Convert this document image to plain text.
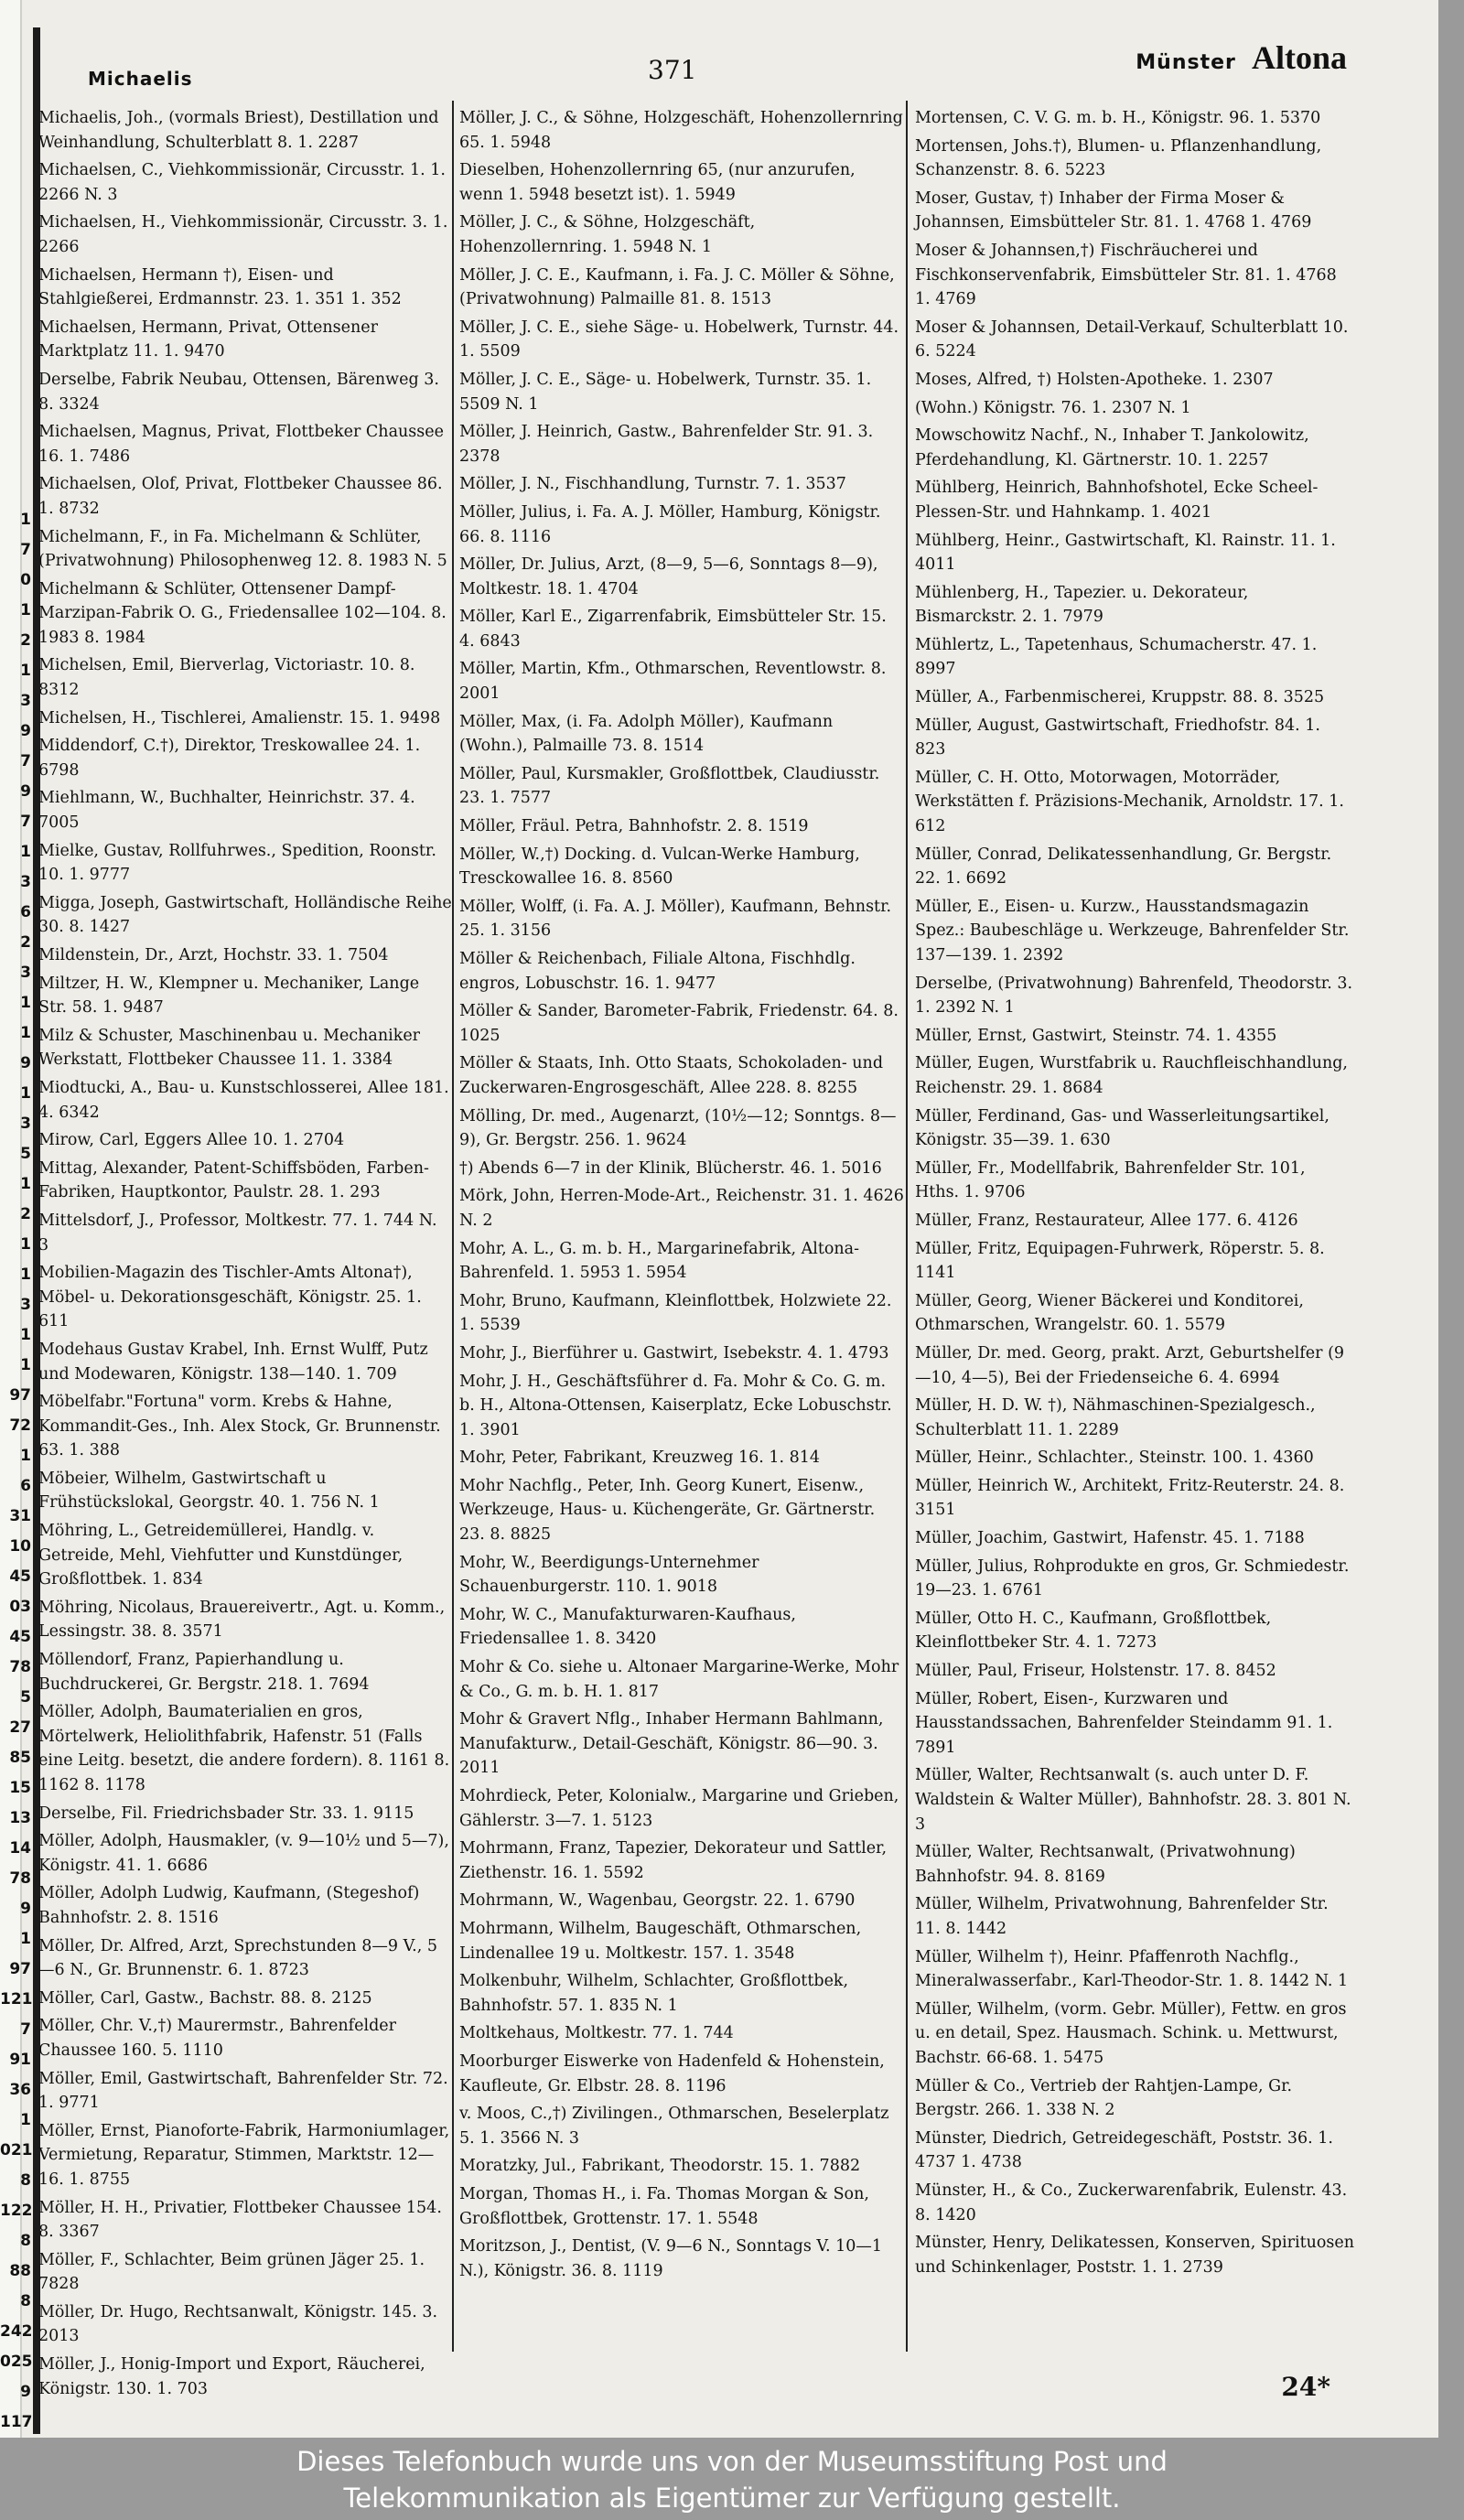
1
7
0
1
2
1
3
9
7
9
7
1
3
6
2
3
1
1
9
1
3
5
1
2
1
1
3
1
1
97
72
1
6
31
10
45
03
45
78
5
27
85
15
13
14
78
9
1
97
121
7
91
36
1
021
8
122
8
88
8
242
025
9
117
Michaelis	371	Münster Altona
Michaelis, Joh., (vormals Briest), Destillation und Weinhandlung, Schulterblatt 8. 1. 2287
Michaelsen, C., Viehkommissionär, Circusstr. 1. 1. 2266 N. 3
Michaelsen, H., Viehkommissionär, Circusstr. 3. 1. 2266
Michaelsen, Hermann †), Eisen- und Stahlgießerei, Erdmannstr. 23. 1. 351 1. 352
Michaelsen, Hermann, Privat, Ottensener Marktplatz 11. 1. 9470
Derselbe, Fabrik Neubau, Ottensen, Bärenweg 3. 8. 3324
Michaelsen, Magnus, Privat, Flottbeker Chaussee 16. 1. 7486
Michaelsen, Olof, Privat, Flottbeker Chaussee 86. 1. 8732
Michelmann, F., in Fa. Michelmann & Schlüter, (Privatwohnung) Philosophenweg 12. 8. 1983 N. 5
Michelmann & Schlüter, Ottensener Dampf-Marzipan-Fabrik O. G., Friedensallee 102—104. 8. 1983 8. 1984
Michelsen, Emil, Bierverlag, Victoriastr. 10. 8. 8312
Michelsen, H., Tischlerei, Amalienstr. 15. 1. 9498
Middendorf, C.†), Direktor, Treskowallee 24. 1. 6798
Miehlmann, W., Buchhalter, Heinrichstr. 37. 4. 7005
Mielke, Gustav, Rollfuhrwes., Spedition, Roonstr. 10. 1. 9777
Migga, Joseph, Gastwirtschaft, Holländische Reihe 30. 8. 1427
Mildenstein, Dr., Arzt, Hochstr. 33. 1. 7504
Miltzer, H. W., Klempner u. Mechaniker, Lange Str. 58. 1. 9487
Milz & Schuster, Maschinenbau u. Mechaniker Werkstatt, Flottbeker Chaussee 11. 1. 3384
Miodtucki, A., Bau- u. Kunstschlosserei, Allee 181. 4. 6342
Mirow, Carl, Eggers Allee 10. 1. 2704
Mittag, Alexander, Patent-Schiffsböden, Farben-Fabriken, Hauptkontor, Paulstr. 28. 1. 293
Mittelsdorf, J., Professor, Moltkestr. 77. 1. 744 N. 3
Mobilien-Magazin des Tischler-Amts Altona†), Möbel- u. Dekorationsgeschäft, Königstr. 25. 1. 611
Modehaus Gustav Krabel, Inh. Ernst Wulff, Putz und Modewaren, Königstr. 138—140. 1. 709
Möbelfabr."Fortuna" vorm. Krebs & Hahne, Kommandit-Ges., Inh. Alex Stock, Gr. Brunnenstr. 63. 1. 388
Möbeier, Wilhelm, Gastwirtschaft u Frühstückslokal, Georgstr. 40. 1. 756 N. 1
Möhring, L., Getreidemüllerei, Handlg. v. Getreide, Mehl, Viehfutter und Kunstdünger, Großflottbek. 1. 834
Möhring, Nicolaus, Brauereivertr., Agt. u. Komm., Lessingstr. 38. 8. 3571
Möllendorf, Franz, Papierhandlung u. Buchdruckerei, Gr. Bergstr. 218. 1. 7694
Möller, Adolph, Baumaterialien en gros, Mörtelwerk, Heliolithfabrik, Hafenstr. 51 (Falls eine Leitg. besetzt, die andere fordern). 8. 1161 8. 1162 8. 1178
Derselbe, Fil. Friedrichsbader Str. 33. 1. 9115
Möller, Adolph, Hausmakler, (v. 9—10½ und 5—7), Königstr. 41. 1. 6686
Möller, Adolph Ludwig, Kaufmann, (Stegeshof) Bahnhofstr. 2. 8. 1516
Möller, Dr. Alfred, Arzt, Sprechstunden 8—9 V., 5—6 N., Gr. Brunnenstr. 6. 1. 8723
Möller, Carl, Gastw., Bachstr. 88. 8. 2125
Möller, Chr. V.,†) Maurermstr., Bahrenfelder Chaussee 160. 5. 1110
Möller, Emil, Gastwirtschaft, Bahrenfelder Str. 72. 1. 9771
Möller, Ernst, Pianoforte-Fabrik, Harmoniumlager, Vermietung, Reparatur, Stimmen, Marktstr. 12—16. 1. 8755
Möller, H. H., Privatier, Flottbeker Chaussee 154. 8. 3367
Möller, F., Schlachter, Beim grünen Jäger 25. 1. 7828
Möller, Dr. Hugo, Rechtsanwalt, Königstr. 145. 3. 2013
Möller, J., Honig-Import und Export, Räucherei, Königstr. 130. 1. 703
Möller, J. C., & Söhne, Holzgeschäft, Hohenzollernring 65. 1. 5948
Dieselben, Hohenzollernring 65, (nur anzurufen, wenn 1. 5948 besetzt ist). 1. 5949
Möller, J. C., & Söhne, Holzgeschäft, Hohenzollernring. 1. 5948 N. 1
Möller, J. C. E., Kaufmann, i. Fa. J. C. Möller & Söhne, (Privatwohnung) Palmaille 81. 8. 1513
Möller, J. C. E., siehe Säge- u. Hobelwerk, Turnstr. 44. 1. 5509
Möller, J. C. E., Säge- u. Hobelwerk, Turnstr. 35. 1. 5509 N. 1
Möller, J. Heinrich, Gastw., Bahrenfelder Str. 91. 3. 2378
Möller, J. N., Fischhandlung, Turnstr. 7. 1. 3537
Möller, Julius, i. Fa. A. J. Möller, Hamburg, Königstr. 66. 8. 1116
Möller, Dr. Julius, Arzt, (8—9, 5—6, Sonntags 8—9), Moltkestr. 18. 1. 4704
Möller, Karl E., Zigarrenfabrik, Eimsbütteler Str. 15. 4. 6843
Möller, Martin, Kfm., Othmarschen, Reventlowstr. 8. 2001
Möller, Max, (i. Fa. Adolph Möller), Kaufmann (Wohn.), Palmaille 73. 8. 1514
Möller, Paul, Kursmakler, Großflottbek, Claudiusstr. 23. 1. 7577
Möller, Fräul. Petra, Bahnhofstr. 2. 8. 1519
Möller, W.,†) Docking. d. Vulcan-Werke Hamburg, Tresckowallee 16. 8. 8560
Möller, Wolff, (i. Fa. A. J. Möller), Kaufmann, Behnstr. 25. 1. 3156
Möller & Reichenbach, Filiale Altona, Fischhdlg. engros, Lobuschstr. 16. 1. 9477
Möller & Sander, Barometer-Fabrik, Friedenstr. 64. 8. 1025
Möller & Staats, Inh. Otto Staats, Schokoladen- und Zuckerwaren-Engrosgeschäft, Allee 228. 8. 8255
Mölling, Dr. med., Augenarzt, (10½—12; Sonntgs. 8—9), Gr. Bergstr. 256. 1. 9624
†) Abends 6—7 in der Klinik, Blücherstr. 46. 1. 5016
Mörk, John, Herren-Mode-Art., Reichenstr. 31. 1. 4626 N. 2
Mohr, A. L., G. m. b. H., Margarinefabrik, Altona-Bahrenfeld. 1. 5953 1. 5954
Mohr, Bruno, Kaufmann, Kleinflottbek, Holzwiete 22. 1. 5539
Mohr, J., Bierführer u. Gastwirt, Isebekstr. 4. 1. 4793
Mohr, J. H., Geschäftsführer d. Fa. Mohr & Co. G. m. b. H., Altona-Ottensen, Kaiserplatz, Ecke Lobuschstr. 1. 3901
Mohr, Peter, Fabrikant, Kreuzweg 16. 1. 814
Mohr Nachflg., Peter, Inh. Georg Kunert, Eisenw., Werkzeuge, Haus- u. Küchengeräte, Gr. Gärtnerstr. 23. 8. 8825
Mohr, W., Beerdigungs-Unternehmer Schauenburgerstr. 110. 1. 9018
Mohr, W. C., Manufakturwaren-Kaufhaus, Friedensallee 1. 8. 3420
Mohr & Co. siehe u. Altonaer Margarine-Werke, Mohr & Co., G. m. b. H. 1. 817
Mohr & Gravert Nflg., Inhaber Hermann Bahlmann, Manufakturw., Detail-Geschäft, Königstr. 86—90. 3. 2011
Mohrdieck, Peter, Kolonialw., Margarine und Grieben, Gählerstr. 3—7. 1. 5123
Mohrmann, Franz, Tapezier, Dekorateur und Sattler, Ziethenstr. 16. 1. 5592
Mohrmann, W., Wagenbau, Georgstr. 22. 1. 6790
Mohrmann, Wilhelm, Baugeschäft, Othmarschen, Lindenallee 19 u. Moltkestr. 157. 1. 3548
Molkenbuhr, Wilhelm, Schlachter, Großflottbek, Bahnhofstr. 57. 1. 835 N. 1
Moltkehaus, Moltkestr. 77. 1. 744
Moorburger Eiswerke von Hadenfeld & Hohenstein, Kaufleute, Gr. Elbstr. 28. 8. 1196
v. Moos, C.,†) Zivilingen., Othmarschen, Beselerplatz 5. 1. 3566 N. 3
Moratzky, Jul., Fabrikant, Theodorstr. 15. 1. 7882
Morgan, Thomas H., i. Fa. Thomas Morgan & Son, Großflottbek, Grottenstr. 17. 1. 5548
Moritzson, J., Dentist, (V. 9—6 N., Sonntags V. 10—1 N.), Königstr. 36. 8. 1119
Mortensen, C. V. G. m. b. H., Königstr. 96. 1. 5370
Mortensen, Johs.†), Blumen- u. Pflanzenhandlung, Schanzenstr. 8. 6. 5223
Moser, Gustav, †) Inhaber der Firma Moser & Johannsen, Eimsbütteler Str. 81. 1. 4768 1. 4769
Moser & Johannsen,†) Fischräucherei und Fischkonservenfabrik, Eimsbütteler Str. 81. 1. 4768 1. 4769
Moser & Johannsen, Detail-Verkauf, Schulterblatt 10. 6. 5224
Moses, Alfred, †) Holsten-Apotheke. 1. 2307
(Wohn.) Königstr. 76. 1. 2307 N. 1
Mowschowitz Nachf., N., Inhaber T. Jankolowitz, Pferdehandlung, Kl. Gärtnerstr. 10. 1. 2257
Mühlberg, Heinrich, Bahnhofshotel, Ecke Scheel-Plessen-Str. und Hahnkamp. 1. 4021
Mühlberg, Heinr., Gastwirtschaft, Kl. Rainstr. 11. 1. 4011
Mühlenberg, H., Tapezier. u. Dekorateur, Bismarckstr. 2. 1. 7979
Mühlertz, L., Tapetenhaus, Schumacherstr. 47. 1. 8997
Müller, A., Farbenmischerei, Kruppstr. 88. 8. 3525
Müller, August, Gastwirtschaft, Friedhofstr. 84. 1. 823
Müller, C. H. Otto, Motorwagen, Motorräder, Werkstätten f. Präzisions-Mechanik, Arnoldstr. 17. 1. 612
Müller, Conrad, Delikatessenhandlung, Gr. Bergstr. 22. 1. 6692
Müller, E., Eisen- u. Kurzw., Hausstandsmagazin Spez.: Baubeschläge u. Werkzeuge, Bahrenfelder Str. 137—139. 1. 2392
Derselbe, (Privatwohnung) Bahrenfeld, Theodorstr. 3. 1. 2392 N. 1
Müller, Ernst, Gastwirt, Steinstr. 74. 1. 4355
Müller, Eugen, Wurstfabrik u. Rauchfleischhandlung, Reichenstr. 29. 1. 8684
Müller, Ferdinand, Gas- und Wasserleitungsartikel, Königstr. 35—39. 1. 630
Müller, Fr., Modellfabrik, Bahrenfelder Str. 101, Hths. 1. 9706
Müller, Franz, Restaurateur, Allee 177. 6. 4126
Müller, Fritz, Equipagen-Fuhrwerk, Röperstr. 5. 8. 1141
Müller, Georg, Wiener Bäckerei und Konditorei, Othmarschen, Wrangelstr. 60. 1. 5579
Müller, Dr. med. Georg, prakt. Arzt, Geburtshelfer (9—10, 4—5), Bei der Friedenseiche 6. 4. 6994
Müller, H. D. W. †), Nähmaschinen-Spezialgesch., Schulterblatt 11. 1. 2289
Müller, Heinr., Schlachter., Steinstr. 100. 1. 4360
Müller, Heinrich W., Architekt, Fritz-Reuterstr. 24. 8. 3151
Müller, Joachim, Gastwirt, Hafenstr. 45. 1. 7188
Müller, Julius, Rohprodukte en gros, Gr. Schmiedestr. 19—23. 1. 6761
Müller, Otto H. C., Kaufmann, Großflottbek, Kleinflottbeker Str. 4. 1. 7273
Müller, Paul, Friseur, Holstenstr. 17. 8. 8452
Müller, Robert, Eisen-, Kurzwaren und Hausstandssachen, Bahrenfelder Steindamm 91. 1. 7891
Müller, Walter, Rechtsanwalt (s. auch unter D. F. Waldstein & Walter Müller), Bahnhofstr. 28. 3. 801 N. 3
Müller, Walter, Rechtsanwalt, (Privatwohnung) Bahnhofstr. 94. 8. 8169
Müller, Wilhelm, Privatwohnung, Bahrenfelder Str. 11. 8. 1442
Müller, Wilhelm †), Heinr. Pfaffenroth Nachflg., Mineralwasserfabr., Karl-Theodor-Str. 1. 8. 1442 N. 1
Müller, Wilhelm, (vorm. Gebr. Müller), Fettw. en gros u. en detail, Spez. Hausmach. Schink. u. Mettwurst, Bachstr. 66-68. 1. 5475
Müller & Co., Vertrieb der Rahtjen-Lampe, Gr. Bergstr. 266. 1. 338 N. 2
Münster, Diedrich, Getreidegeschäft, Poststr. 36. 1. 4737 1. 4738
Münster, H., & Co., Zuckerwarenfabrik, Eulenstr. 43. 8. 1420
Münster, Henry, Delikatessen, Konserven, Spirituosen und Schinkenlager, Poststr. 1. 1. 2739
24*
Dieses Telefonbuch wurde uns von der Museumsstiftung Post und
Telekommunikation als Eigentümer zur Verfügung gestellt.
